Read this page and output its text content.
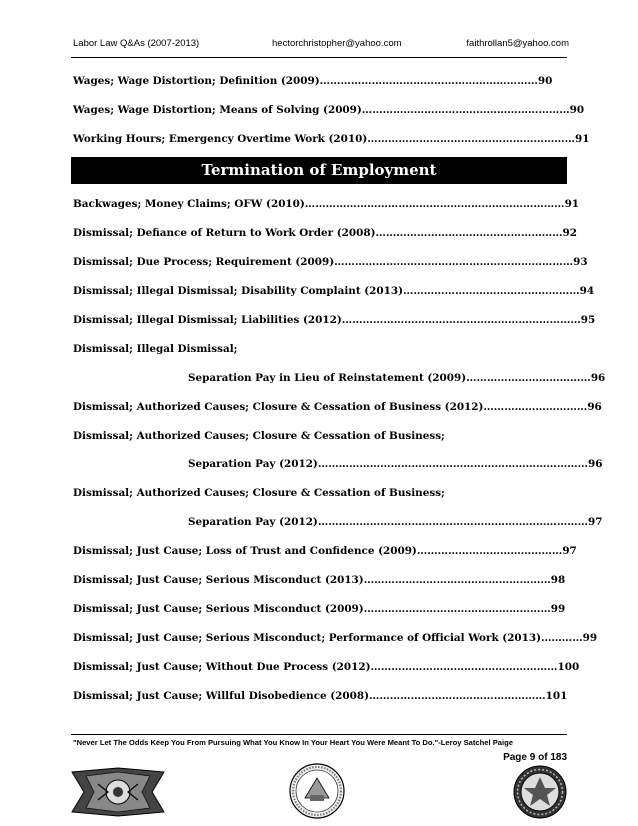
Labor Law Q&As (2007-2013)	hectorchristopher@yahoo.com	faithrollan5@yahoo.com
Wages; Wage Distortion; Definition (2009)………………………………………………………90
Wages; Wage Distortion; Means of Solving (2009)……………………………………………………90
Working Hours; Emergency Overtime Work (2010)……………………………………………………91
Termination of Employment
Backwages; Money Claims; OFW (2010)…………………………………………………………………91
Dismissal; Defiance of Return to Work Order (2008)………………………………………………92
Dismissal; Due Process; Requirement (2009)……………………………………………………………93
Dismissal; Illegal Dismissal; Disability Complaint (2013)……………………………………………94
Dismissal; Illegal Dismissal; Liabilities (2012)……………………………………………………………95
Dismissal; Illegal Dismissal;
Separation Pay in Lieu of Reinstatement (2009)………………………………96
Dismissal; Authorized Causes; Closure & Cessation of Business (2012)…………………………96
Dismissal; Authorized Causes; Closure & Cessation of Business;
Separation Pay (2012)……………………………………………………………………96
Dismissal; Authorized Causes; Closure & Cessation of Business;
Separation Pay (2012)……………………………………………………………………97
Dismissal; Just Cause; Loss of Trust and Confidence (2009)……………………………………97
Dismissal; Just Cause; Serious Misconduct (2013)………………………………………………98
Dismissal; Just Cause; Serious Misconduct (2009)………………………………………………99
Dismissal; Just Cause; Serious Misconduct; Performance of Official Work (2013)…………99
Dismissal; Just Cause; Without Due Process (2012)………………………………………………100
Dismissal; Just Cause; Willful Disobedience (2008)……………………………………………101
"Never Let The Odds Keep You From Pursuing What You Know In Your Heart You Were Meant To Do."-Leroy Satchel Paige
Page 9 of 183
